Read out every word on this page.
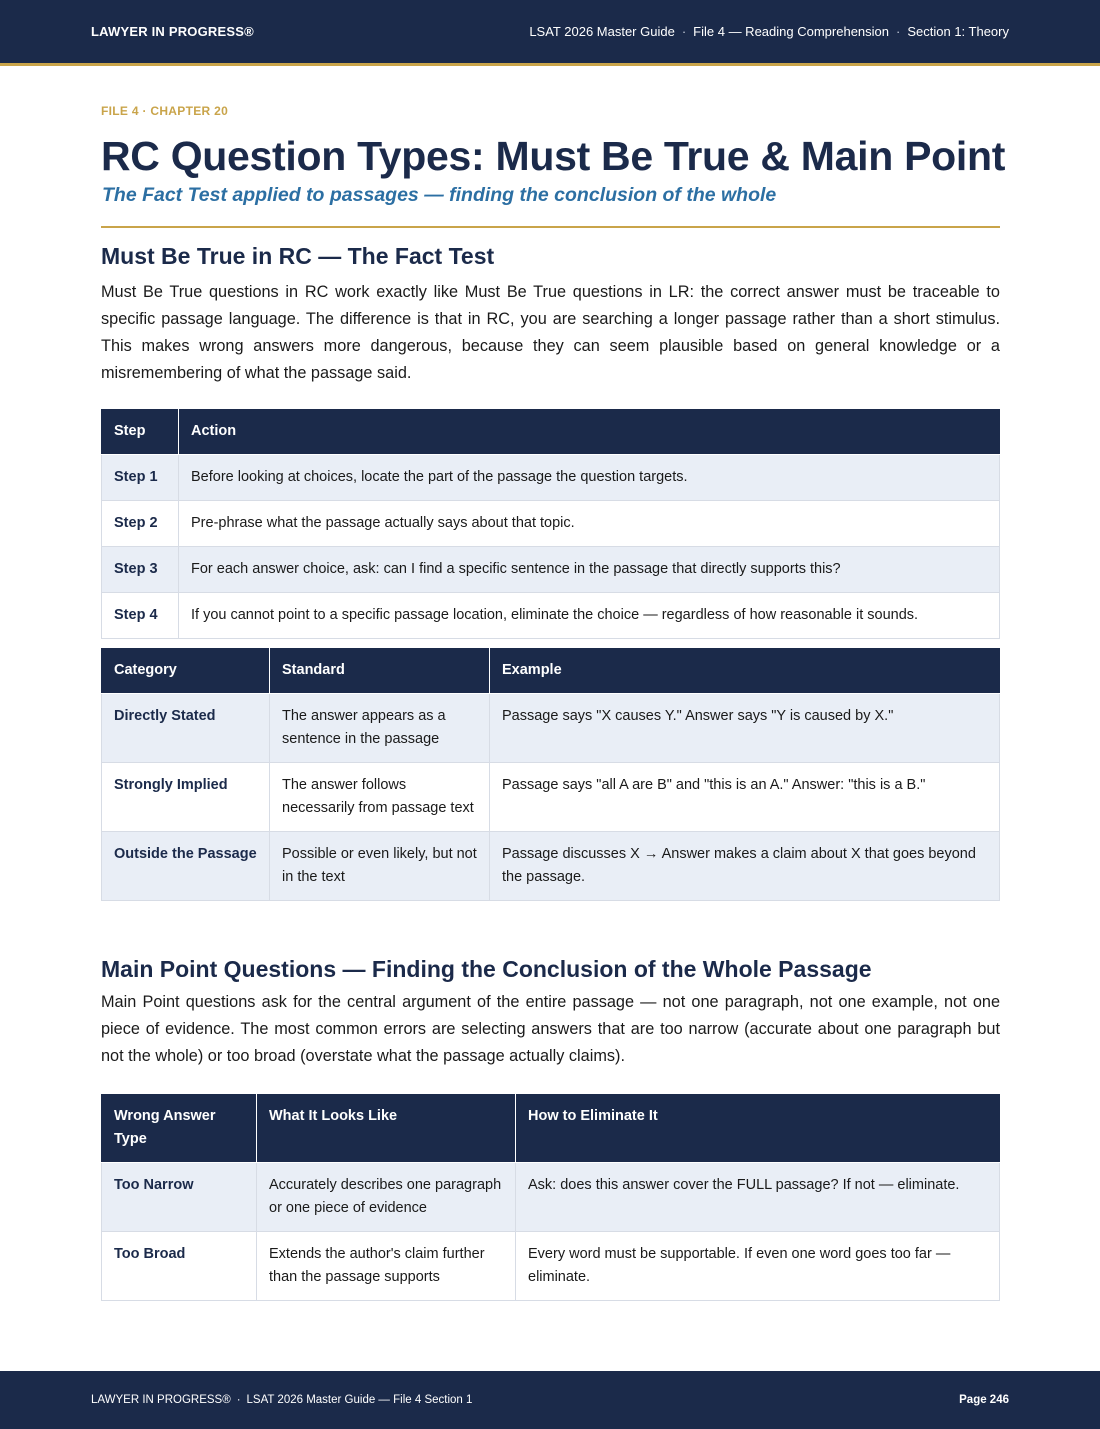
LAWYER IN PROGRESS®	LSAT 2026 Master Guide · File 4 — Reading Comprehension · Section 1: Theory
FILE 4 · CHAPTER 20
RC Question Types: Must Be True & Main Point
The Fact Test applied to passages — finding the conclusion of the whole
Must Be True in RC — The Fact Test

Must Be True questions in RC work exactly like Must Be True questions in LR: the correct answer must be traceable to specific passage language. The difference is that in RC, you are searching a longer passage rather than a short stimulus. This makes wrong answers more dangerous, because they can seem plausible based on general knowledge or a misremembering of what the passage said.

Step	Action
Step 1	Before looking at choices, locate the part of the passage the question targets.
Step 2	Pre-phrase what the passage actually says about that topic.
Step 3	For each answer choice, ask: can I find a specific sentence in the passage that directly supports this?
Step 4	If you cannot point to a specific passage location, eliminate the choice — regardless of how reasonable it sounds.
Category	Standard	Example
Directly Stated	The answer appears as a sentence in the passage	Passage says "X causes Y." Answer says "Y is caused by X."
Strongly Implied	The answer follows necessarily from passage text	Passage says "all A are B" and "this is an A." Answer: "this is a B."
Outside the Passage	Possible or even likely, but not in the text	Passage discusses X → Answer makes a claim about X that goes beyond the passage.
Main Point Questions — Finding the Conclusion of the Whole Passage

Main Point questions ask for the central argument of the entire passage — not one paragraph, not one example, not one piece of evidence. The most common errors are selecting answers that are too narrow (accurate about one paragraph but not the whole) or too broad (overstate what the passage actually claims).

Wrong Answer Type	What It Looks Like	How to Eliminate It
Too Narrow	Accurately describes one paragraph or one piece of evidence	Ask: does this answer cover the FULL passage? If not — eliminate.
Too Broad	Extends the author's claim further than the passage supports	Every word must be supportable. If even one word goes too far — eliminate.
LAWYER IN PROGRESS® · LSAT 2026 Master Guide — File 4 Section 1	Page 246
